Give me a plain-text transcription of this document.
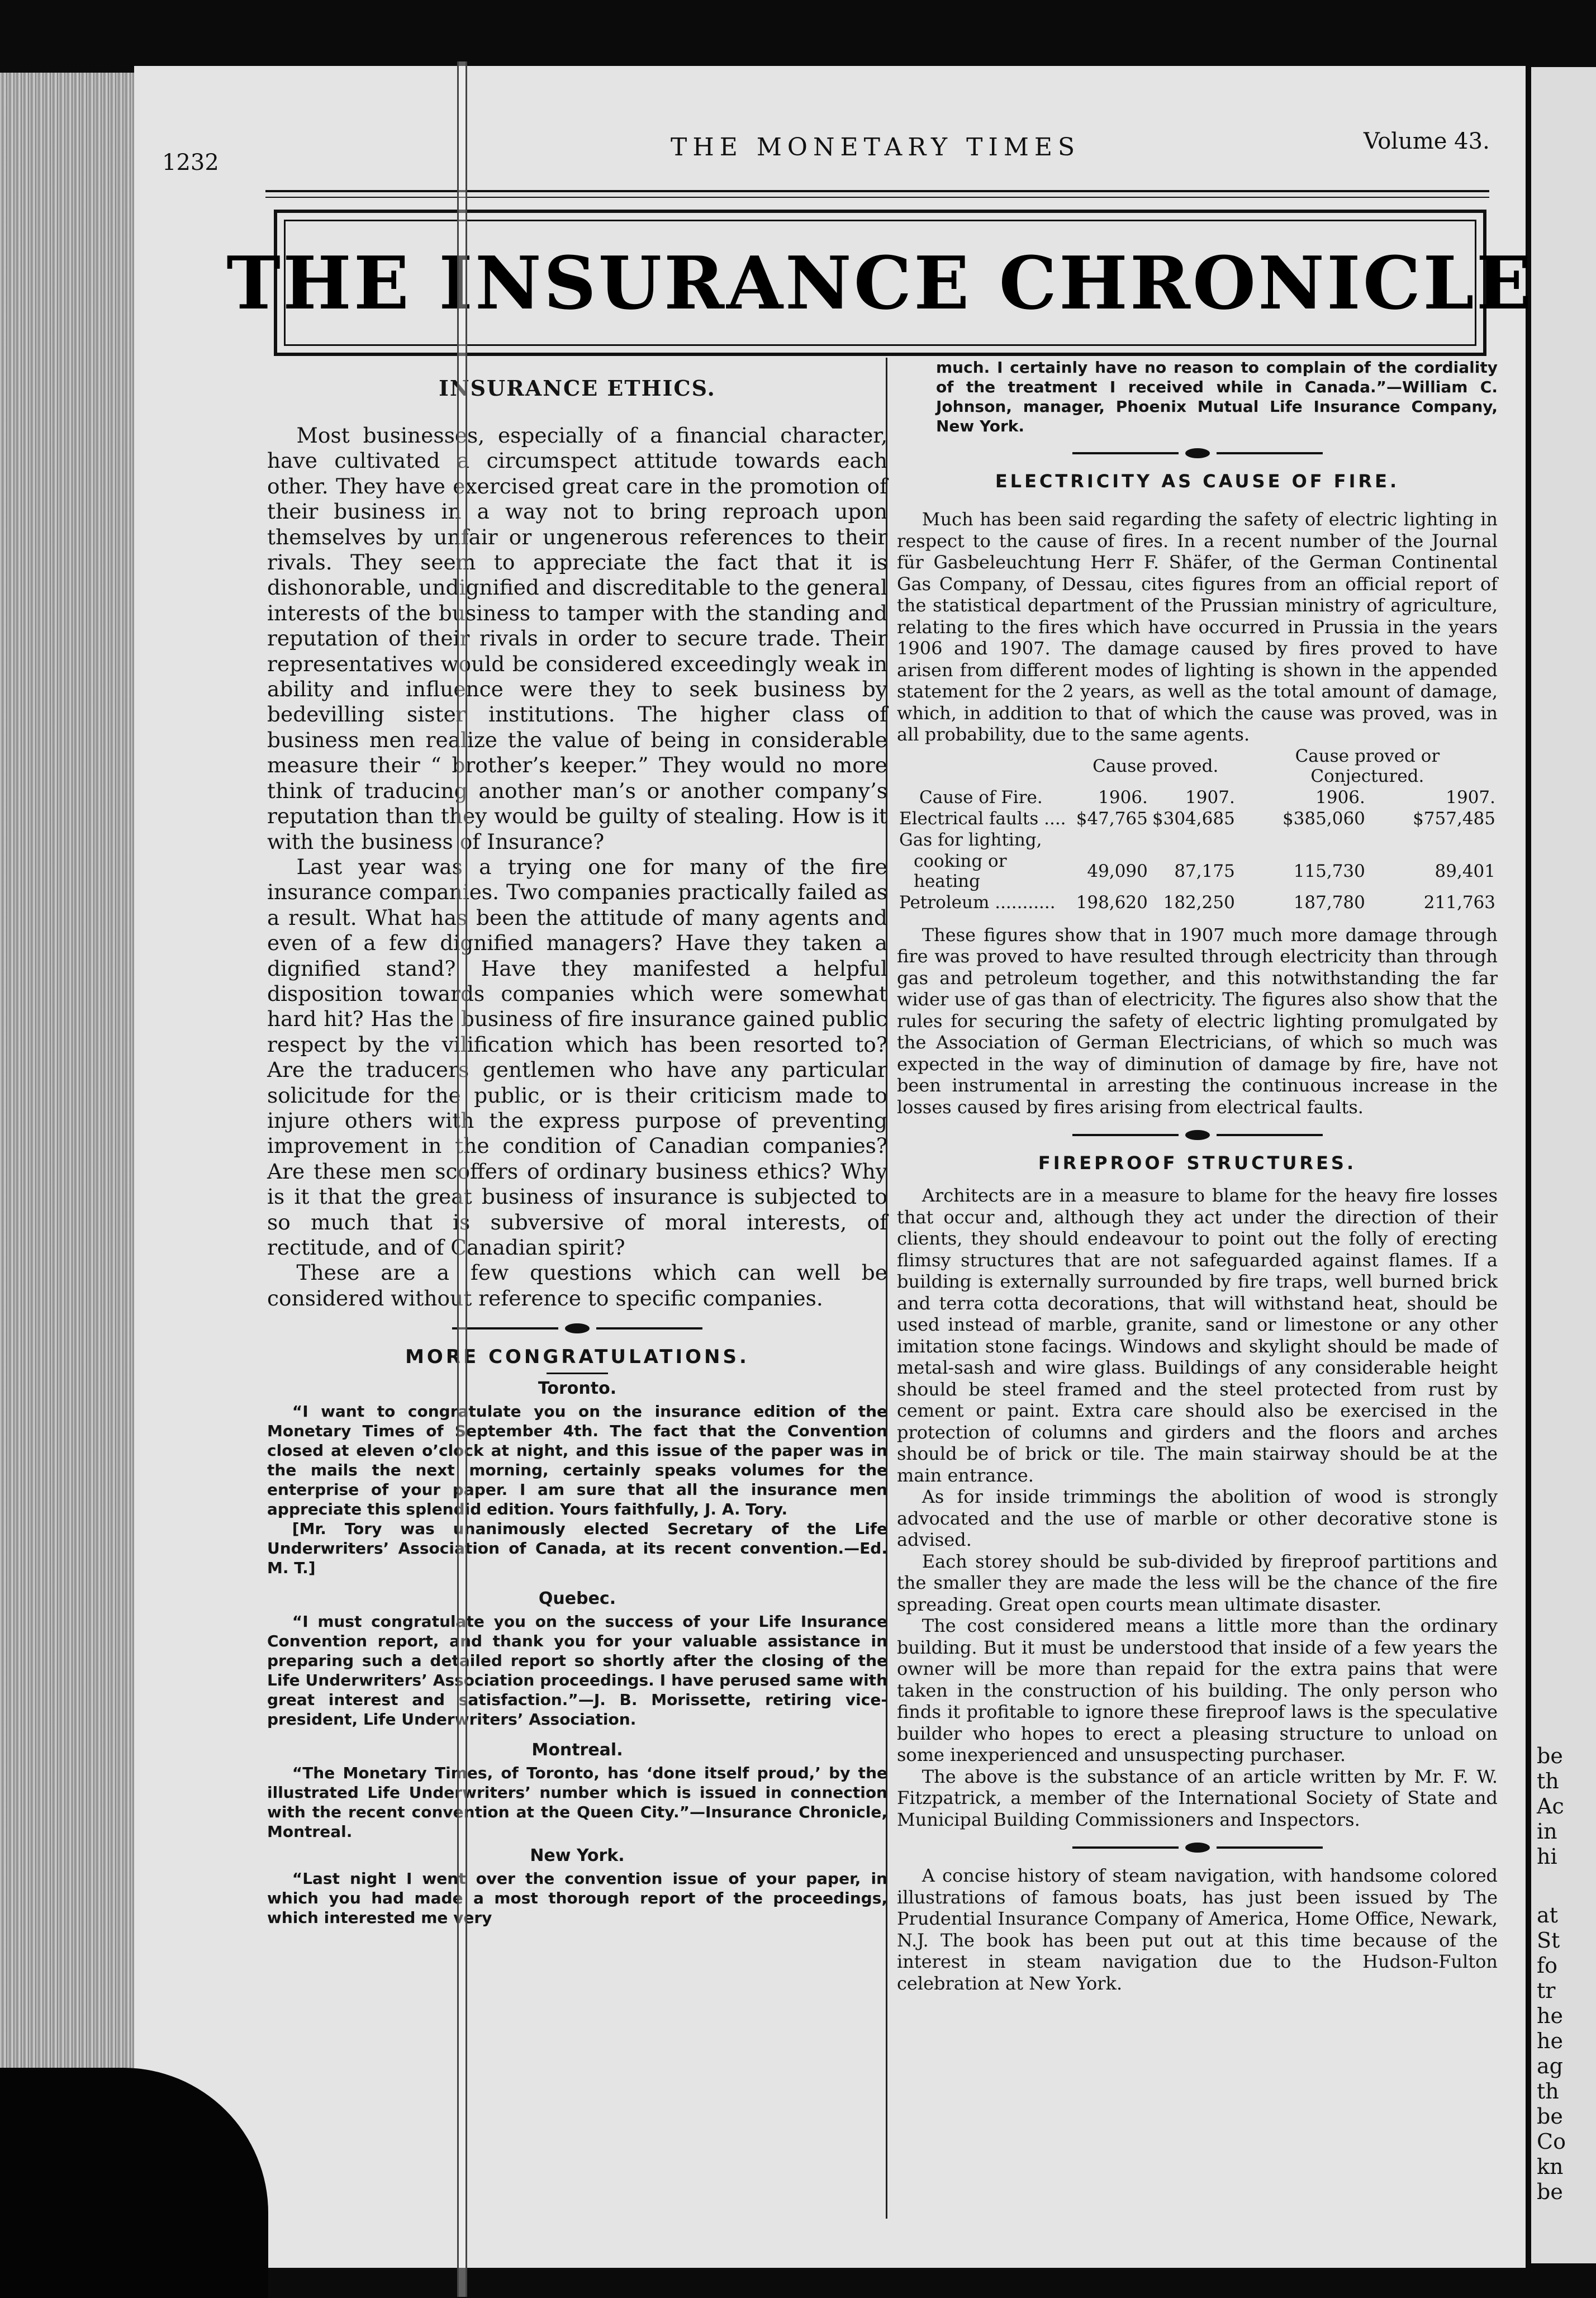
be
th
Ac
in
hi
at
St
fo
tr
he
he
ag
th
be
Co
kn
be
1232
THE MONETARY TIMES	Volume 43.
THE INSURANCE CHRONICLE
INSURANCE ETHICS.

Most businesses, especially of a financial character, have cultivated a circumspect attitude towards each other. They have exercised great care in the promotion of their business in a way not to bring reproach upon themselves by unfair or ungenerous references to their rivals. They seem to appreciate the fact that it is dishonorable, undignified and discreditable to the general interests of the business to tamper with the standing and reputation of their rivals in order to secure trade. Their representatives would be considered exceedingly weak in ability and influence were they to seek business by bedevilling sister institutions. The higher class of business men realize the value of being in considerable measure their “ brother’s keeper.” They would no more think of traducing another man’s or another company’s reputation than they would be guilty of stealing. How is it with the business of Insurance?

Last year was a trying one for many of the fire insurance companies. Two companies practically failed as a result. What has been the attitude of many agents and even of a few dignified managers? Have they taken a dignified stand? Have they manifested a helpful disposition towards companies which were somewhat hard hit? Has the business of fire insurance gained public respect by the vilification which has been resorted to? Are the traducers gentlemen who have any particular solicitude for the public, or is their criticism made to injure others with the express purpose of preventing improvement in the condition of Canadian companies? Are these men scoffers of ordinary business ethics? Why is it that the great business of insurance is subjected to so much that is subversive of moral interests, of rectitude, and of Canadian spirit?

These are a few questions which can well be considered without reference to specific companies.

MORE CONGRATULATIONS.
Toronto.

“I want to congratulate you on the insurance edition of the Monetary Times of September 4th. The fact that the Convention closed at eleven o’clock at night, and this issue of the paper was in the mails the next morning, certainly speaks volumes for the enterprise of your paper. I am sure that all the insurance men appreciate this splendid edition. Yours faithfully, J. A. Tory.

[Mr. Tory was unanimously elected Secretary of the Life Underwriters’ Association of Canada, at its recent convention.—Ed. M. T.]

Quebec.

“I must congratulate you on the success of your Life Insurance Convention report, and thank you for your valuable assistance in preparing such a detailed report so shortly after the closing of the Life Underwriters’ Association proceedings. I have perused same with great interest and satisfaction.”—J. B. Morissette, retiring vice-president, Life Underwriters’ Association.

Montreal.

“The Monetary Times, of Toronto, has ‘done itself proud,’ by the illustrated Life Underwriters’ number which is issued in connection with the recent convention at the Queen City.”—Insurance Chronicle, Montreal.

New York.

“Last night I went over the convention issue of your paper, in which you had made a most thorough report of the proceedings, which interested me very

much. I certainly have no reason to complain of the cordiality of the treatment I received while in Canada.”—William C. Johnson, manager, Phoenix Mutual Life Insurance Company, New York.

ELECTRICITY AS CAUSE OF FIRE.

Much has been said regarding the safety of electric lighting in respect to the cause of fires. In a recent number of the Journal für Gasbeleuchtung Herr F. Shäfer, of the German Continental Gas Company, of Dessau, cites figures from an official report of the statistical department of the Prussian ministry of agriculture, relating to the fires which have occurred in Prussia in the years 1906 and 1907. The damage caused by fires proved to have arisen from different modes of lighting is shown in the appended statement for the 2 years, as well as the total amount of damage, which, in addition to that of which the cause was proved, was in all probability, due to the same agents.

	Cause proved.		Cause proved or Conjectured.	
Cause of Fire.	1906.	1907.	1906.	1907.
Electrical faults ....	$47,765	$304,685	$385,060	$757,485
Gas for lighting,				
cooking or heating	49,090	87,175	115,730	89,401
Petroleum ...........	198,620	182,250	187,780	211,763

These figures show that in 1907 much more damage through fire was proved to have resulted through electricity than through gas and petroleum together, and this notwithstanding the far wider use of gas than of electricity. The figures also show that the rules for securing the safety of electric lighting promulgated by the Association of German Electricians, of which so much was expected in the way of diminution of damage by fire, have not been instrumental in arresting the continuous increase in the losses caused by fires arising from electrical faults.

FIREPROOF STRUCTURES.

Architects are in a measure to blame for the heavy fire losses that occur and, although they act under the direction of their clients, they should endeavour to point out the folly of erecting flimsy structures that are not safeguarded against flames. If a building is externally surrounded by fire traps, well burned brick and terra cotta decorations, that will withstand heat, should be used instead of marble, granite, sand or limestone or any other imitation stone facings. Windows and skylight should be made of metal-sash and wire glass. Buildings of any considerable height should be steel framed and the steel protected from rust by cement or paint. Extra care should also be exercised in the protection of columns and girders and the floors and arches should be of brick or tile. The main stairway should be at the main entrance.

As for inside trimmings the abolition of wood is strongly advocated and the use of marble or other decorative stone is advised.

Each storey should be sub-divided by fireproof partitions and the smaller they are made the less will be the chance of the fire spreading. Great open courts mean ultimate disaster.

The cost considered means a little more than the ordinary building. But it must be understood that inside of a few years the owner will be more than repaid for the extra pains that were taken in the construction of his building. The only person who finds it profitable to ignore these fireproof laws is the speculative builder who hopes to erect a pleasing structure to unload on some inexperienced and unsuspecting purchaser.

The above is the substance of an article written by Mr. F. W. Fitzpatrick, a member of the International Society of State and Municipal Building Commissioners and Inspectors.

A concise history of steam navigation, with handsome colored illustrations of famous boats, has just been issued by The Prudential Insurance Company of America, Home Office, Newark, N.J. The book has been put out at this time because of the interest in steam navigation due to the Hudson-Fulton celebration at New York.
